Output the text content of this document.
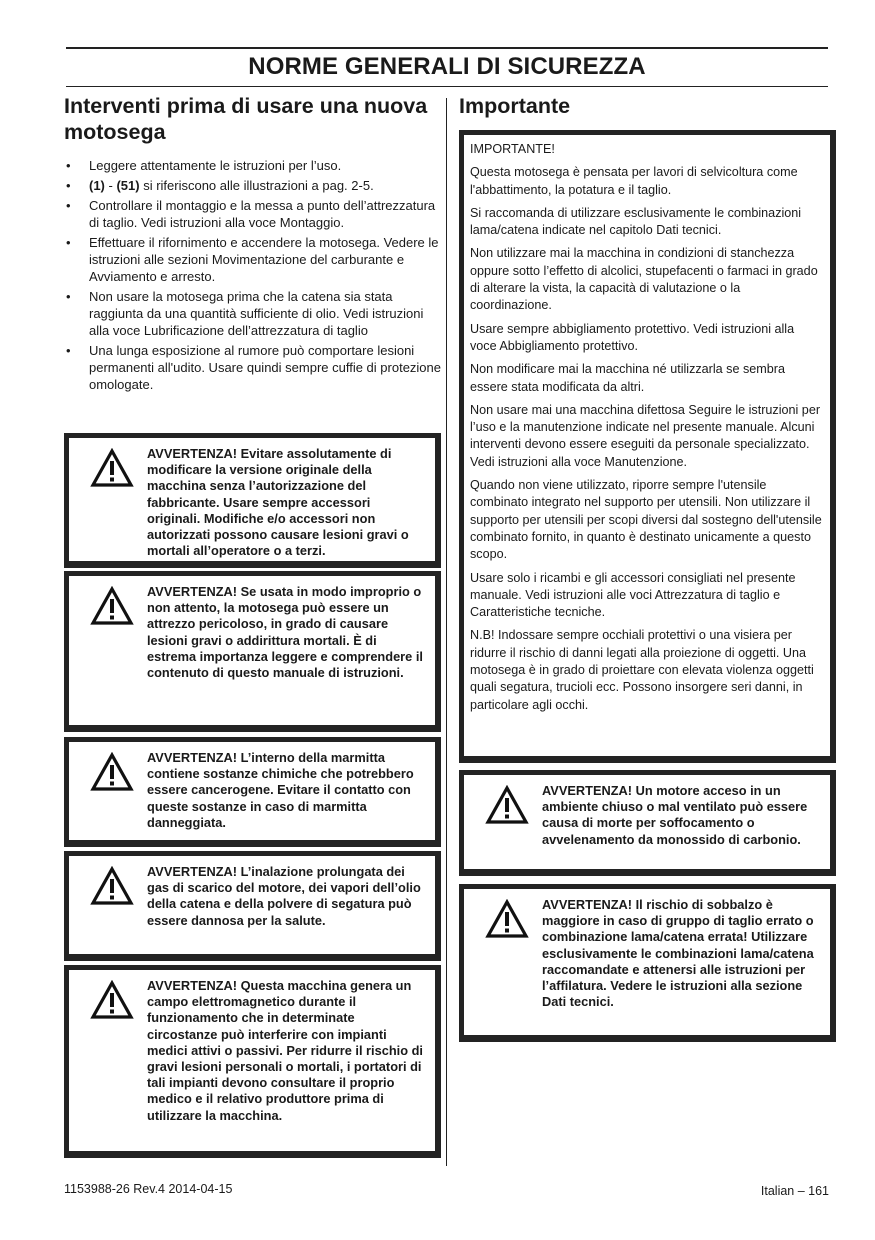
NORME GENERALI DI SICUREZZA
Interventi prima di usare una nuova motosega
• Leggere attentamente le istruzioni per l’uso.
• (1) - (51) si riferiscono alle illustrazioni a pag. 2-5.
• Controllare il montaggio e la messa a punto dell’attrezzatura di taglio. Vedi istruzioni alla voce Montaggio.
• Effettuare il rifornimento e accendere la motosega. Vedere le istruzioni alle sezioni Movimentazione del carburante e Avviamento e arresto.
• Non usare la motosega prima che la catena sia stata raggiunta da una quantità sufficiente di olio. Vedi istruzioni alla voce Lubrificazione dell’attrezzatura di taglio
• Una lunga esposizione al rumore può comportare lesioni permanenti all'udito. Usare quindi sempre cuffie di protezione omologate.
AVVERTENZA! Evitare assolutamente di modificare la versione originale della macchina senza l’autorizzazione del fabbricante. Usare sempre accessori originali. Modifiche e/o accessori non autorizzati possono causare lesioni gravi o mortali all’operatore o a terzi.
AVVERTENZA! Se usata in modo improprio o non attento, la motosega può essere un attrezzo pericoloso, in grado di causare lesioni gravi o addirittura mortali. È di estrema importanza leggere e comprendere il contenuto di questo manuale di istruzioni.
AVVERTENZA! L’interno della marmitta contiene sostanze chimiche che potrebbero essere cancerogene. Evitare il contatto con queste sostanze in caso di marmitta danneggiata.
AVVERTENZA! L’inalazione prolungata dei gas di scarico del motore, dei vapori dell’olio della catena e della polvere di segatura può essere dannosa per la salute.
AVVERTENZA! Questa macchina genera un campo elettromagnetico durante il funzionamento che in determinate circostanze può interferire con impianti medici attivi o passivi. Per ridurre il rischio di gravi lesioni personali o mortali, i portatori di tali impianti devono consultare il proprio medico e il relativo produttore prima di utilizzare la macchina.
Importante

IMPORTANTE!

Questa motosega è pensata per lavori di selvicoltura come l'abbattimento, la potatura e il taglio.

Si raccomanda di utilizzare esclusivamente le combinazioni lama/catena indicate nel capitolo Dati tecnici.

Non utilizzare mai la macchina in condizioni di stanchezza oppure sotto l’effetto di alcolici, stupefacenti o farmaci in grado di alterare la vista, la capacità di valutazione o la coordinazione.

Usare sempre abbigliamento protettivo. Vedi istruzioni alla voce Abbigliamento protettivo.

Non modificare mai la macchina né utilizzarla se sembra essere stata modificata da altri.

Non usare mai una macchina difettosa Seguire le istruzioni per l’uso e la manutenzione indicate nel presente manuale. Alcuni interventi devono essere eseguiti da personale specializzato. Vedi istruzioni alla voce Manutenzione.

Quando non viene utilizzato, riporre sempre l'utensile combinato integrato nel supporto per utensili. Non utilizzare il supporto per utensili per scopi diversi dal sostegno dell'utensile combinato fornito, in quanto è destinato unicamente a questo scopo.

Usare solo i ricambi e gli accessori consigliati nel presente manuale. Vedi istruzioni alle voci Attrezzatura di taglio e Caratteristiche tecniche.

N.B! Indossare sempre occhiali protettivi o una visiera per ridurre il rischio di danni legati alla proiezione di oggetti. Una motosega è in grado di proiettare con elevata violenza oggetti quali segatura, trucioli ecc. Possono insorgere seri danni, in particolare agli occhi.

AVVERTENZA! Un motore acceso in un ambiente chiuso o mal ventilato può essere causa di morte per soffocamento o avvelenamento da monossido di carbonio.
AVVERTENZA! Il rischio di sobbalzo è maggiore in caso di gruppo di taglio errato o combinazione lama/catena errata! Utilizzare esclusivamente le combinazioni lama/catena raccomandate e attenersi alle istruzioni per l’affilatura. Vedere le istruzioni alla sezione Dati tecnici.
1153988-26 Rev.4 2014-04-15	Italian – 161
